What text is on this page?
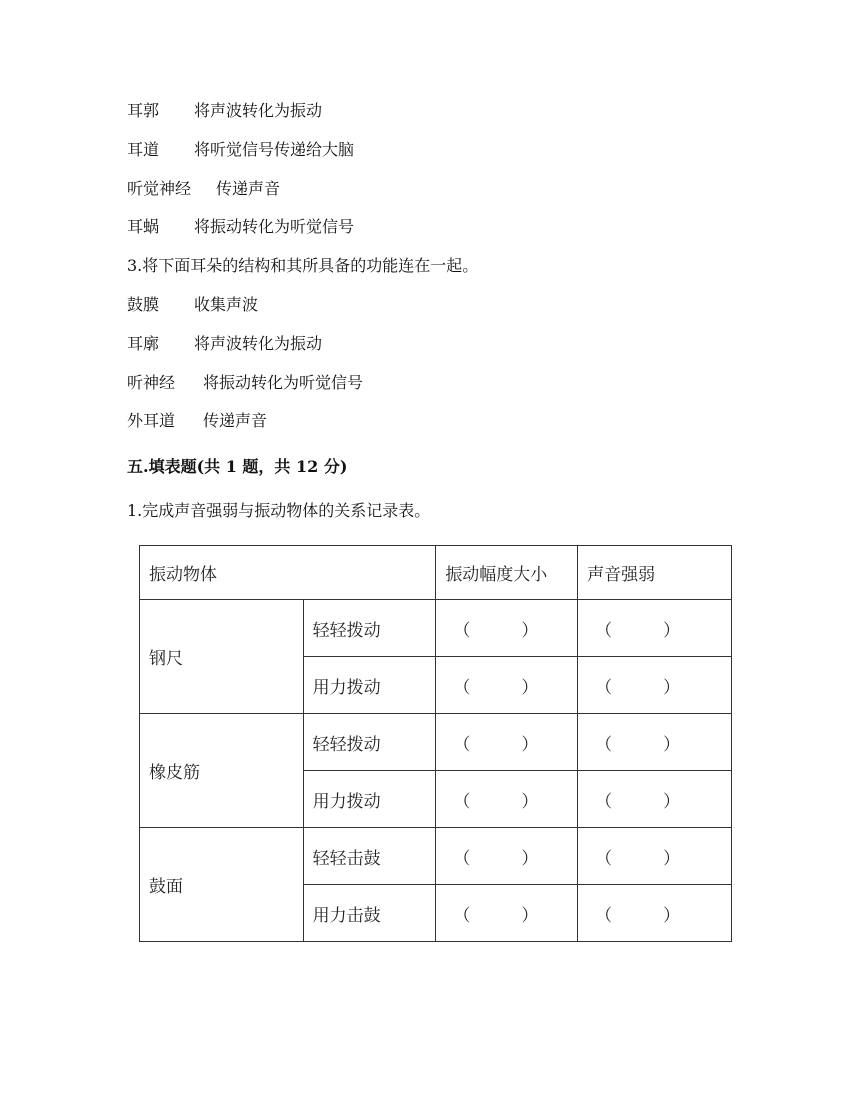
耳郭 将声波转化为振动
耳道 将听觉信号传递给大脑
听觉神经 传递声音
耳蜗 将振动转化为听觉信号
3.将下面耳朵的结构和其所具备的功能连在一起。
鼓膜 收集声波
耳廓 将声波转化为振动
听神经 将振动转化为听觉信号
外耳道 传递声音
五.填表题(共 1 题，共 12 分)
1.完成声音强弱与振动物体的关系记录表。
振动物体		振动幅度大小	声音强弱
钢尺	轻轻拨动	（ ）	（ ）

	用力拨动	（ ）	（ ）

橡皮筋	轻轻拨动	（ ）	（ ）

	用力拨动	（ ）	（ ）

鼓面	轻轻击鼓	（ ）	（ ）

	用力击鼓	（ ）	（ ）
